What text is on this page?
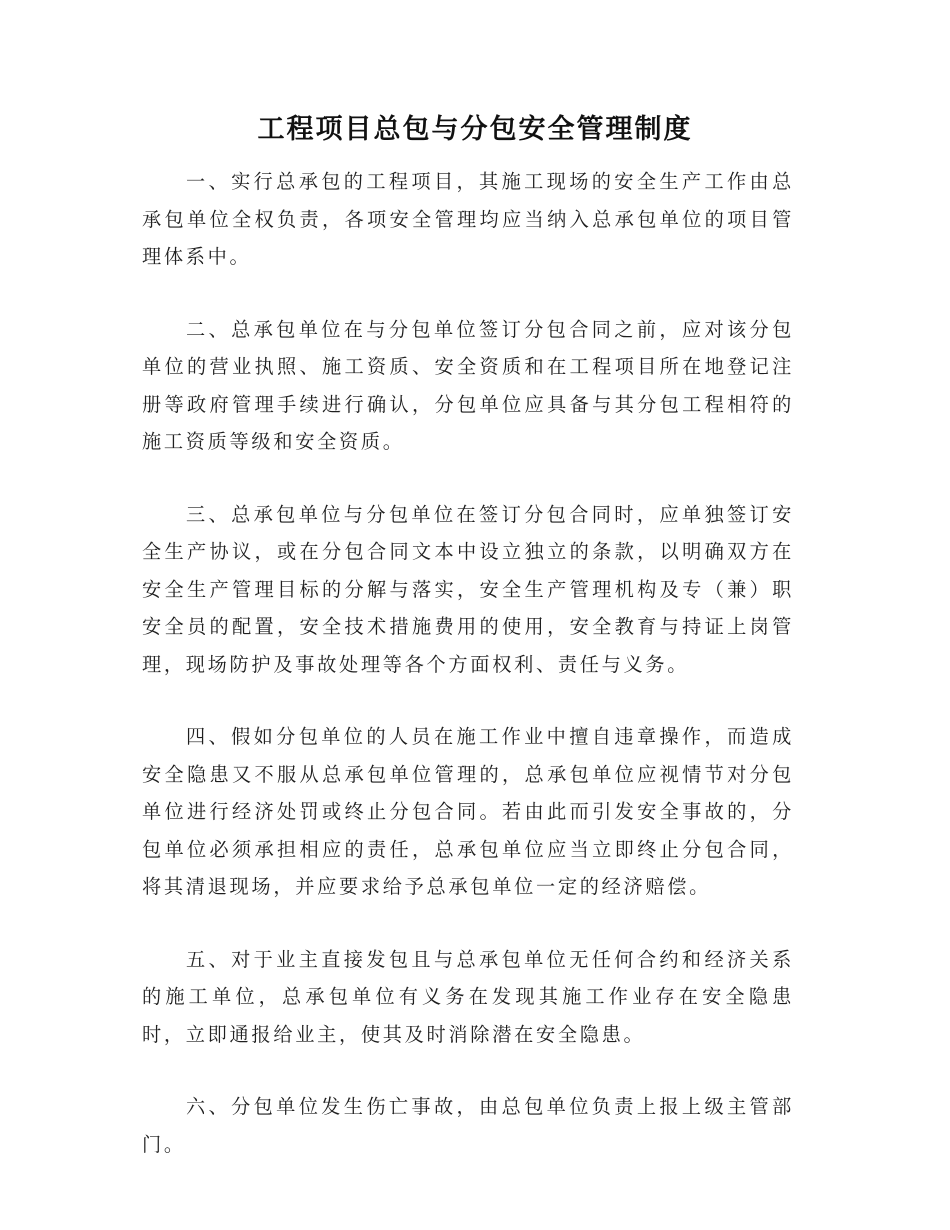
工程项目总包与分包安全管理制度

一、实行总承包的工程项目，其施工现场的安全生产工作由总承包单位全权负责，各项安全管理均应当纳入总承包单位的项目管理体系中。

二、总承包单位在与分包单位签订分包合同之前，应对该分包单位的营业执照、施工资质、安全资质和在工程项目所在地登记注册等政府管理手续进行确认，分包单位应具备与其分包工程相符的施工资质等级和安全资质。

三、总承包单位与分包单位在签订分包合同时，应单独签订安全生产协议，或在分包合同文本中设立独立的条款，以明确双方在安全生产管理目标的分解与落实，安全生产管理机构及专（兼）职安全员的配置，安全技术措施费用的使用，安全教育与持证上岗管理，现场防护及事故处理等各个方面权利、责任与义务。

四、假如分包单位的人员在施工作业中擅自违章操作，而造成安全隐患又不服从总承包单位管理的，总承包单位应视情节对分包单位进行经济处罚或终止分包合同。若由此而引发安全事故的，分包单位必须承担相应的责任，总承包单位应当立即终止分包合同，将其清退现场，并应要求给予总承包单位一定的经济赔偿。

五、对于业主直接发包且与总承包单位无任何合约和经济关系的施工单位，总承包单位有义务在发现其施工作业存在安全隐患时，立即通报给业主，使其及时消除潜在安全隐患。

六、分包单位发生伤亡事故，由总包单位负责上报上级主管部门。
